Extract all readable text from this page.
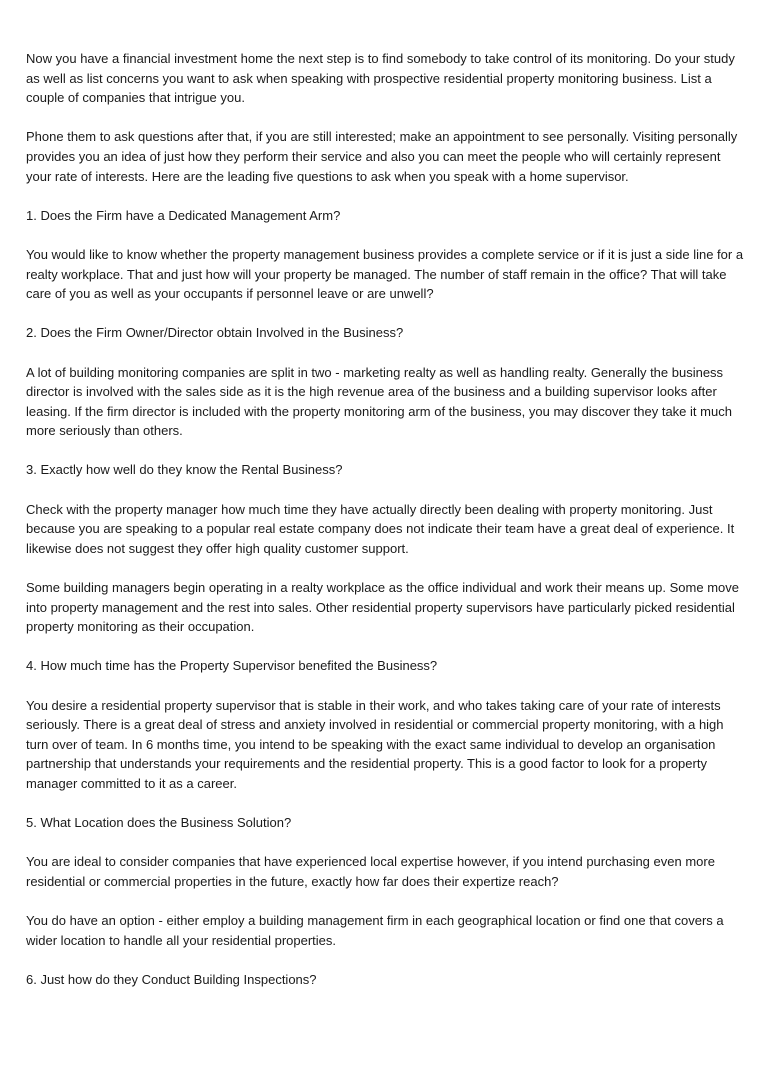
Now you have a financial investment home the next step is to find somebody to take control of its monitoring. Do your study as well as list concerns you want to ask when speaking with prospective residential property monitoring business. List a couple of companies that intrigue you.

Phone them to ask questions after that, if you are still interested; make an appointment to see personally. Visiting personally provides you an idea of just how they perform their service and also you can meet the people who will certainly represent your rate of interests. Here are the leading five questions to ask when you speak with a home supervisor.

1. Does the Firm have a Dedicated Management Arm?

You would like to know whether the property management business provides a complete service or if it is just a side line for a realty workplace. That and just how will your property be managed. The number of staff remain in the office? That will take care of you as well as your occupants if personnel leave or are unwell?

2. Does the Firm Owner/Director obtain Involved in the Business?

A lot of building monitoring companies are split in two - marketing realty as well as handling realty. Generally the business director is involved with the sales side as it is the high revenue area of the business and a building supervisor looks after leasing. If the firm director is included with the property monitoring arm of the business, you may discover they take it much more seriously than others.

3. Exactly how well do they know the Rental Business?

Check with the property manager how much time they have actually directly been dealing with property monitoring. Just because you are speaking to a popular real estate company does not indicate their team have a great deal of experience. It likewise does not suggest they offer high quality customer support.

Some building managers begin operating in a realty workplace as the office individual and work their means up. Some move into property management and the rest into sales. Other residential property supervisors have particularly picked residential property monitoring as their occupation.

4. How much time has the Property Supervisor benefited the Business?

You desire a residential property supervisor that is stable in their work, and who takes taking care of your rate of interests seriously. There is a great deal of stress and anxiety involved in residential or commercial property monitoring, with a high turn over of team. In 6 months time, you intend to be speaking with the exact same individual to develop an organisation partnership that understands your requirements and the residential property. This is a good factor to look for a property manager committed to it as a career.

5. What Location does the Business Solution?

You are ideal to consider companies that have experienced local expertise however, if you intend purchasing even more residential or commercial properties in the future, exactly how far does their expertize reach?

You do have an option - either employ a building management firm in each geographical location or find one that covers a wider location to handle all your residential properties.

6. Just how do they Conduct Building Inspections?
